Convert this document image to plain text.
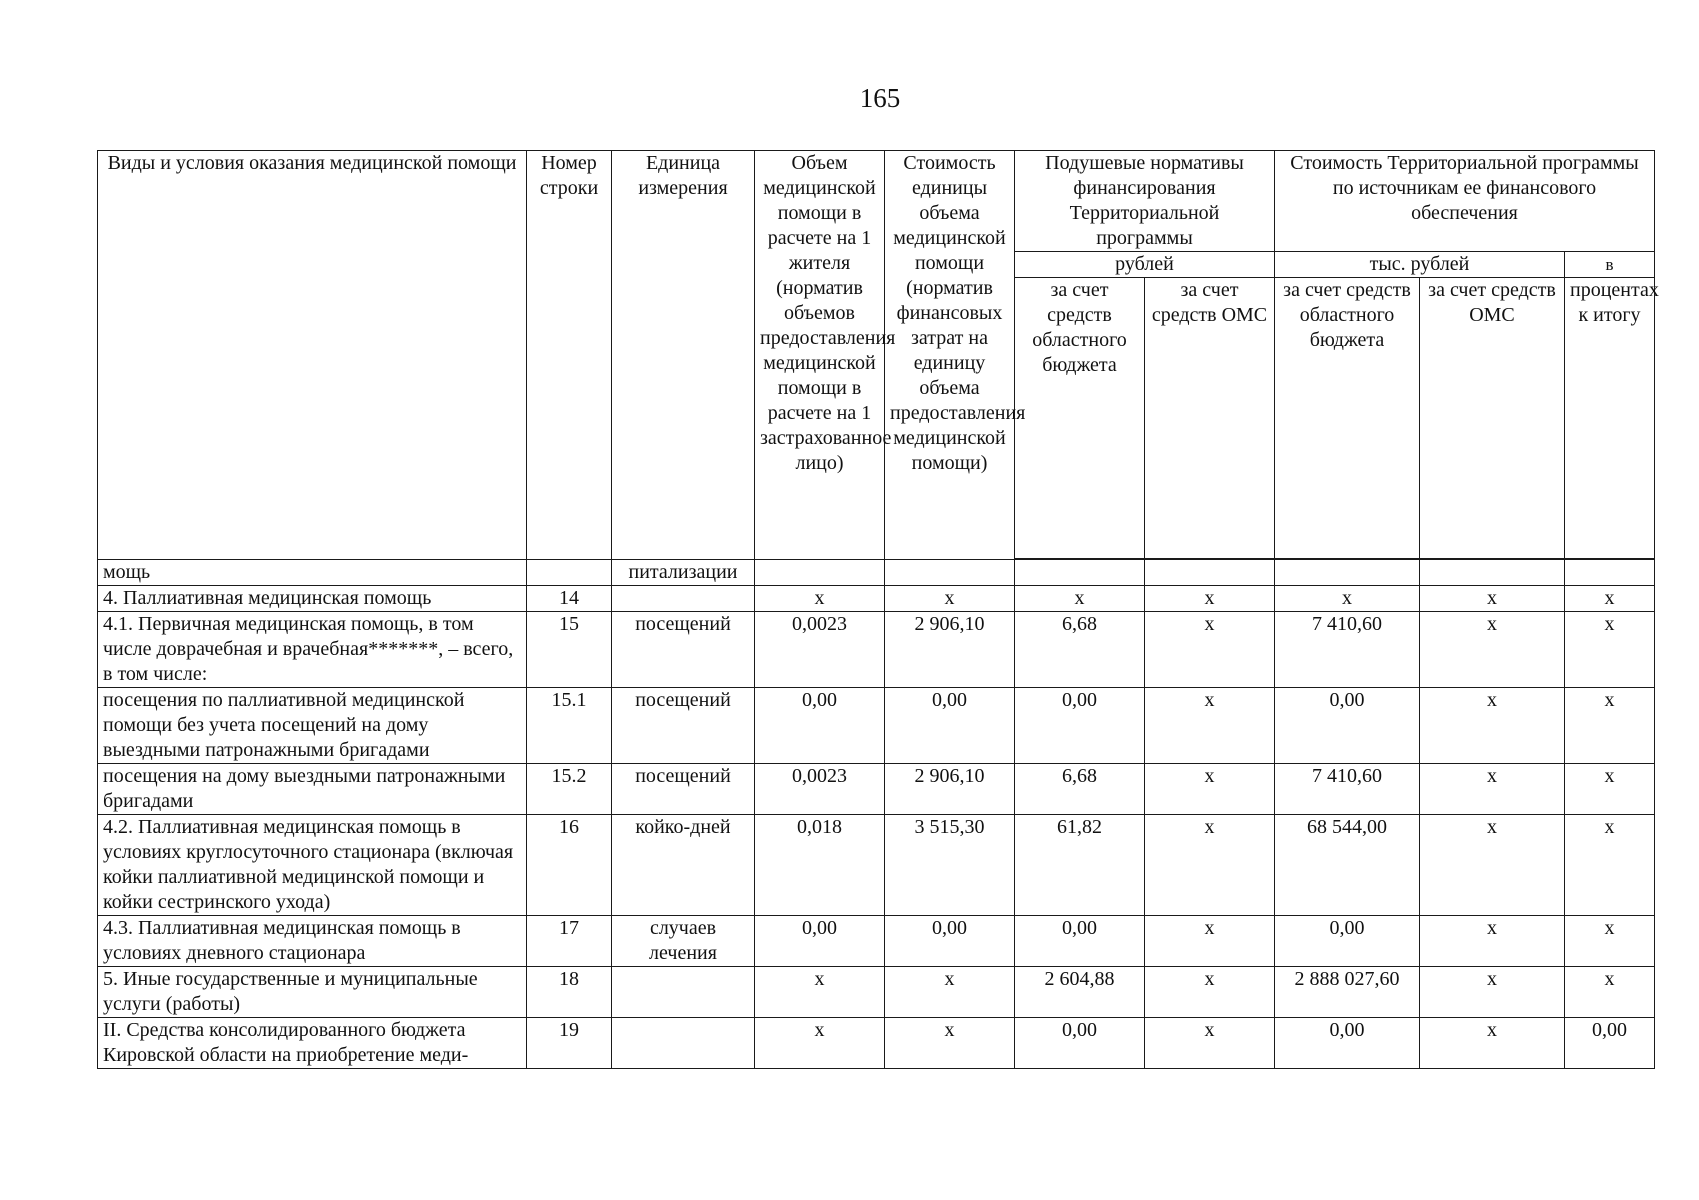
165
Виды и условия оказания медицинской помощи	Номер строки	Единица измерения	Объем медицинской помощи в расчете на 1 жителя (норматив объемов предоставления медицинской помощи в расчете на 1 застрахованное лицо)	Стоимость единицы объема медицинской помощи (норматив финансовых затрат на единицу объема предоставления медицинской помощи)	Подушевые нормативы финансирования Территориальной программы		Стоимость Территориальной программы по источникам ее финансового обеспечения		
					рублей		тыс. рублей		в
					за счет средств областного бюджета	за счет средств ОМС	за счет средств областного бюджета	за счет средств ОМС	процентах к итогу

мощь		питализации							
4. Паллиативная медицинская помощь	14		x	x	x	x	x	x	x
4.1. Первичная медицинская помощь, в том числе доврачебная и врачебная*******, – всего, в том числе:	15	посещений	0,0023	2 906,10	6,68	x	7 410,60	x	x
посещения по паллиативной медицинской помощи без учета посещений на дому выездными патронажными бригадами	15.1	посещений	0,00	0,00	0,00	x	0,00	x	x
посещения на дому выездными патронажными бригадами	15.2	посещений	0,0023	2 906,10	6,68	x	7 410,60	x	x
4.2. Паллиативная медицинская помощь в условиях круглосуточного стационара (включая койки паллиативной медицинской помощи и койки сестринского ухода)	16	койко-дней	0,018	3 515,30	61,82	x	68 544,00	x	x
4.3. Паллиативная медицинская помощь в условиях дневного стационара	17	случаев лечения	0,00	0,00	0,00	x	0,00	x	x
5. Иные государственные и муниципальные услуги (работы)	18		x	x	2 604,88	x	2 888 027,60	x	x
II. Средства консолидированного бюджета Кировской области на приобретение меди-	19		x	x	0,00	x	0,00	x	0,00
